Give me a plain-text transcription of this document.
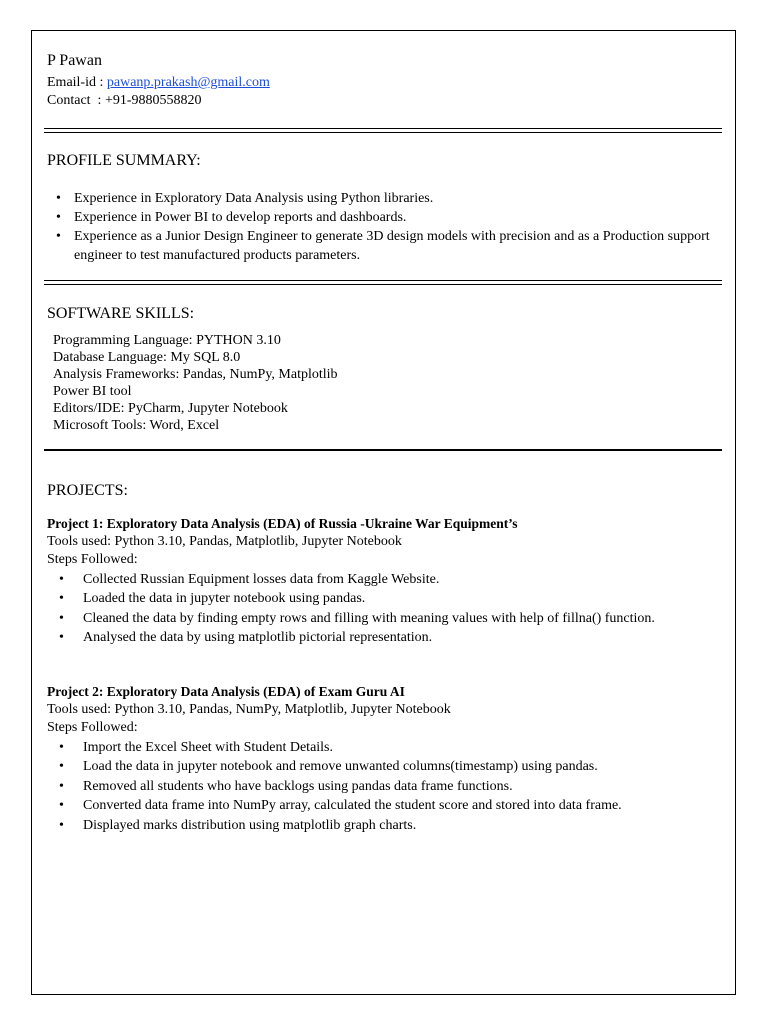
P Pawan
Email-id : pawanp.prakash@gmail.com
Contact  : +91-9880558820
PROFILE SUMMARY:
• Experience in Exploratory Data Analysis using Python libraries.
• Experience in Power BI to develop reports and dashboards.
• Experience as a Junior Design Engineer to generate 3D design models with precision and as a Production support engineer to test manufactured products parameters.
SOFTWARE SKILLS:
Programming Language: PYTHON 3.10
Database Language: My SQL 8.0
Analysis Frameworks: Pandas, NumPy, Matplotlib
Power BI tool
Editors/IDE: PyCharm, Jupyter Notebook
Microsoft Tools: Word, Excel
PROJECTS:
Project 1: Exploratory Data Analysis (EDA) of Russia -Ukraine War Equipment’s
Tools used: Python 3.10, Pandas, Matplotlib, Jupyter Notebook
Steps Followed:
• Collected Russian Equipment losses data from Kaggle Website.
• Loaded the data in jupyter notebook using pandas.
• Cleaned the data by finding empty rows and filling with meaning values with help of fillna() function.
• Analysed the data by using matplotlib pictorial representation.
Project 2: Exploratory Data Analysis (EDA) of Exam Guru AI
Tools used: Python 3.10, Pandas, NumPy, Matplotlib, Jupyter Notebook
Steps Followed:
• Import the Excel Sheet with Student Details.
• Load the data in jupyter notebook and remove unwanted columns(timestamp) using pandas.
• Removed all students who have backlogs using pandas data frame functions.
• Converted data frame into NumPy array, calculated the student score and stored into data frame.
• Displayed marks distribution using matplotlib graph charts.
